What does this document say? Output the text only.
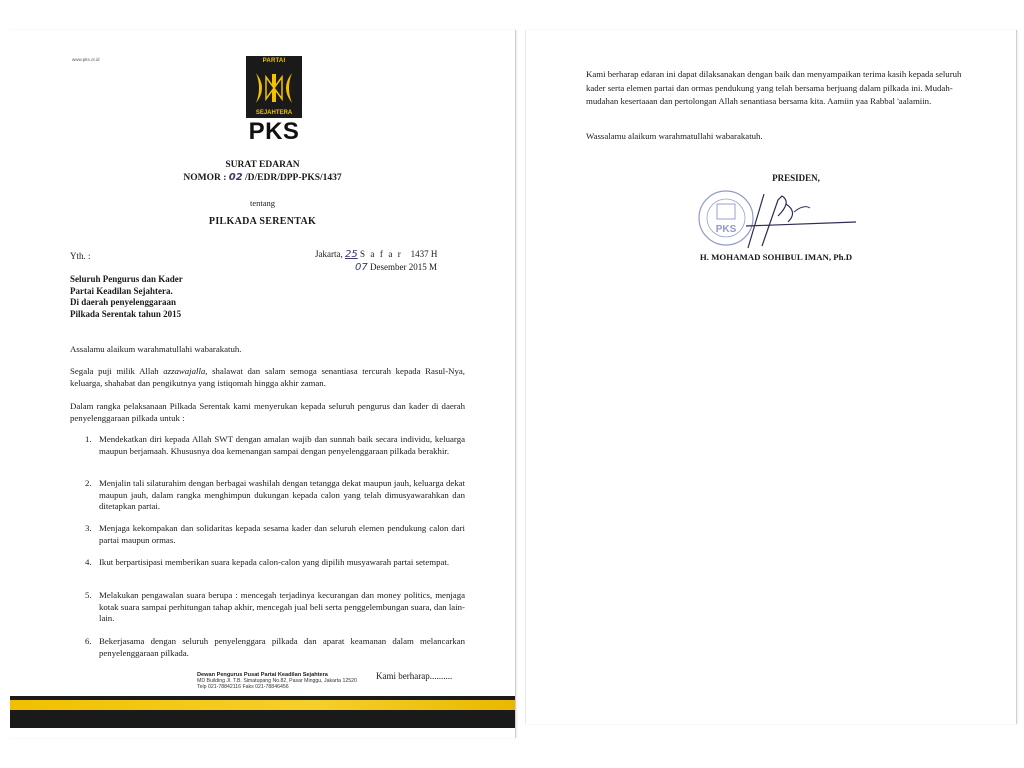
www.pks.or.id	PARTAI
SEJAHTERA
PKS
SURAT EDARAN
NOMOR : 02 /D/EDR/DPP-PKS/1437
tentang
PILKADA SERENTAK
Yth. :	Jakarta, 25 S a f a r 1437 H
07 Desember 2015 M
Seluruh Pengurus dan Kader
Partai Keadilan Sejahtera.
Di daerah penyelenggaraan
Pilkada Serentak tahun 2015
Assalamu alaikum warahmatullahi wabarakatuh.
Segala puji milik Allah azzawajalla, shalawat dan salam semoga senantiasa tercurah kepada Rasul-Nya, keluarga, shahabat dan pengikutnya yang istiqomah hingga akhir zaman.
Dalam rangka pelaksanaan Pilkada Serentak kami menyerukan kepada seluruh pengurus dan kader di daerah penyelenggaraan pilkada untuk :
1. Mendekatkan diri kepada Allah SWT dengan amalan wajib dan sunnah baik secara individu, keluarga maupun berjamaah. Khususnya doa kemenangan sampai dengan penyelenggaraan pilkada berakhir.
2. Menjalin tali silaturahim dengan berbagai washilah dengan tetangga dekat maupun jauh, keluarga dekat maupun jauh, dalam rangka menghimpun dukungan kepada calon yang telah dimusyawarahkan dan ditetapkan partai.
3. Menjaga kekompakan dan solidaritas kepada sesama kader dan seluruh elemen pendukung calon dari partai maupun ormas.
4. Ikut berpartisipasi memberikan suara kepada calon-calon yang dipilih musyawarah partai setempat.
5. Melakukan pengawalan suara berupa : mencegah terjadinya kecurangan dan money politics, menjaga kotak suara sampai perhitungan tahap akhir, mencegah jual beli serta penggelembungan suara, dan lain-lain.
6. Bekerjasama dengan seluruh penyelenggara pilkada dan aparat keamanan dalam melancarkan penyelenggaraan pilkada.
Dewan Pengurus Pusat Partai Keadilan Sejahtera
MD Building Jl. T.B. Simatupang No.82, Pasar Minggu, Jakarta 12520
Telp 021-78842116 Faks 021-78846456
Kami berharap..........
Kami berharap edaran ini dapat dilaksanakan dengan baik dan menyampaikan terima kasih kepada seluruh kader serta elemen partai dan ormas pendukung yang telah bersama berjuang dalam pilkada ini. Mudah-mudahan kesertaaan dan pertolongan Allah senantiasa bersama kita. Aamiin yaa Rabbal 'aalamiin.
Wassalamu alaikum warahmatullahi wabarakatuh.
PRESIDEN,
PKS
H. MOHAMAD SOHIBUL IMAN, Ph.D
